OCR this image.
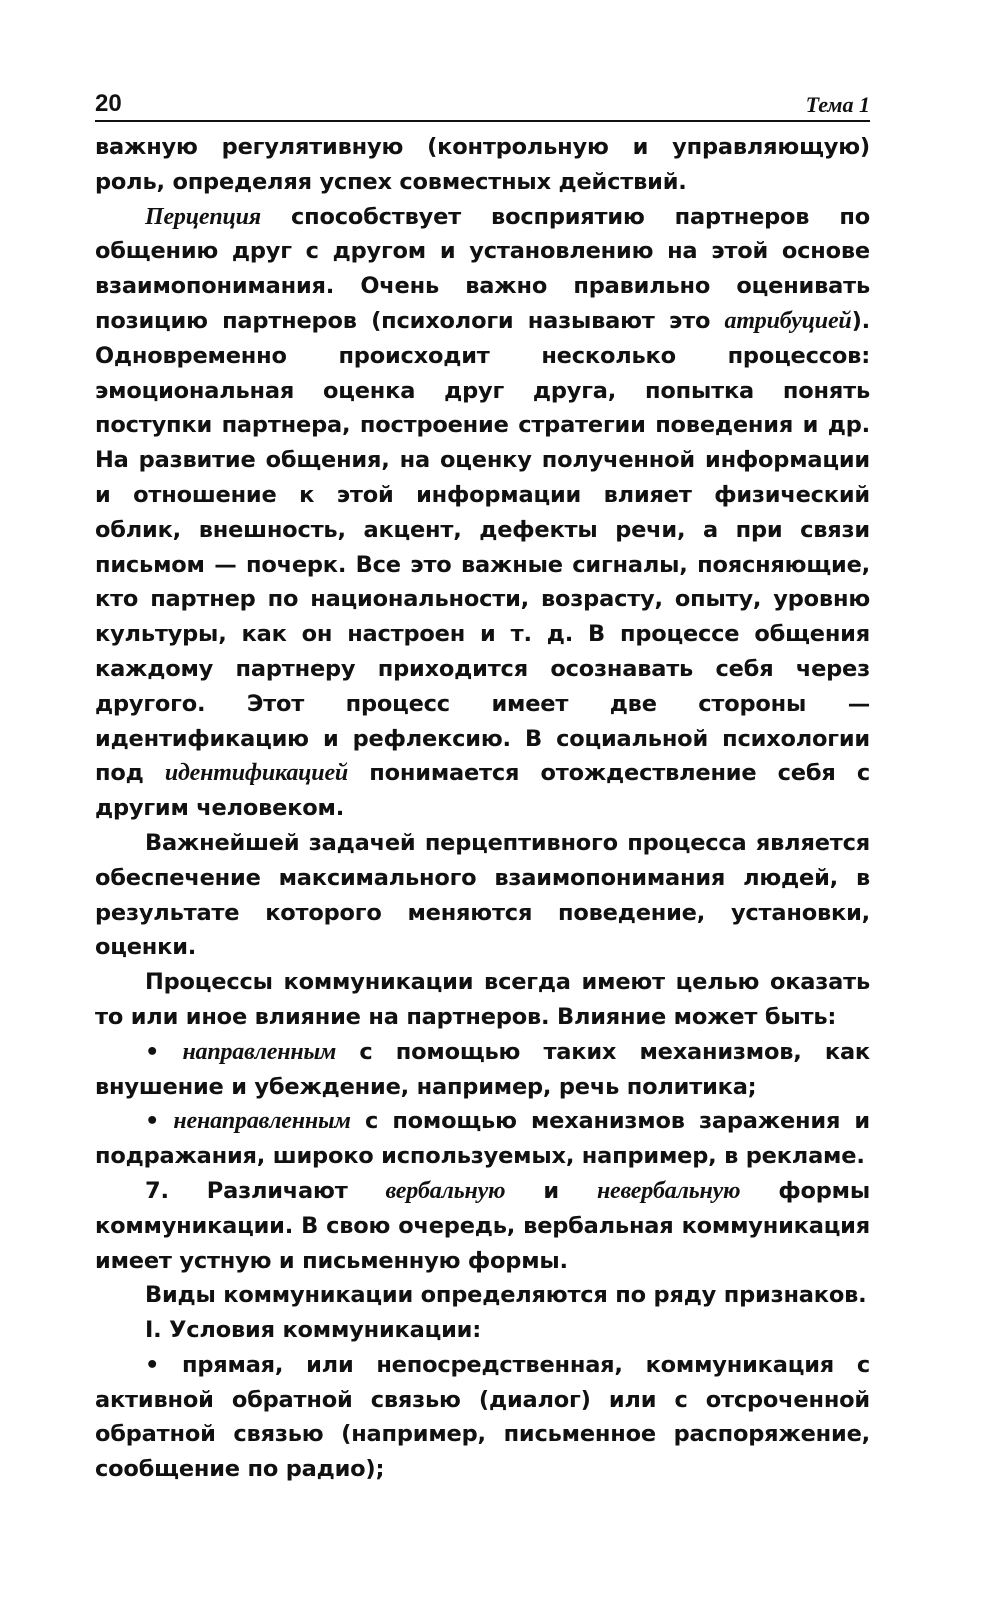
20	Тема 1

важную регулятивную (контрольную и управляющую) роль, определяя успех совместных действий.

Перцепция способствует восприятию партнеров по общению друг с другом и установлению на этой основе взаимопонимания. Очень важно правильно оценивать позицию партнеров (психологи называют это атрибуцией). Одновременно происходит несколько процессов: эмоциональная оценка друг друга, попытка понять поступки партнера, построение стратегии поведения и др. На развитие общения, на оценку полученной информации и отношение к этой информации влияет физический облик, внешность, акцент, дефекты речи, а при связи письмом — почерк. Все это важные сигналы, поясняющие, кто партнер по национальности, возрасту, опыту, уровню культуры, как он настроен и т. д. В процессе общения каждому партнеру приходится осознавать себя через другого. Этот процесс имеет две стороны — идентификацию и рефлексию. В социальной психологии под идентификацией понимается отождествление себя с другим человеком.

Важнейшей задачей перцептивного процесса является обеспечение максимального взаимопонимания людей, в результате которого меняются поведение, установки, оценки.

Процессы коммуникации всегда имеют целью оказать то или иное влияние на партнеров. Влияние может быть:

• направленным с помощью таких механизмов, как внушение и убеждение, например, речь политика;

• ненаправленным с помощью механизмов заражения и подражания, широко используемых, например, в рекламе.

7. Различают вербальную и невербальную формы коммуникации. В свою очередь, вербальная коммуникация имеет устную и письменную формы.

Виды коммуникации определяются по ряду признаков.

I. Условия коммуникации:

• прямая, или непосредственная, коммуникация с активной обратной связью (диалог) или с отсроченной обратной связью (например, письменное распоряжение, сообщение по радио);
